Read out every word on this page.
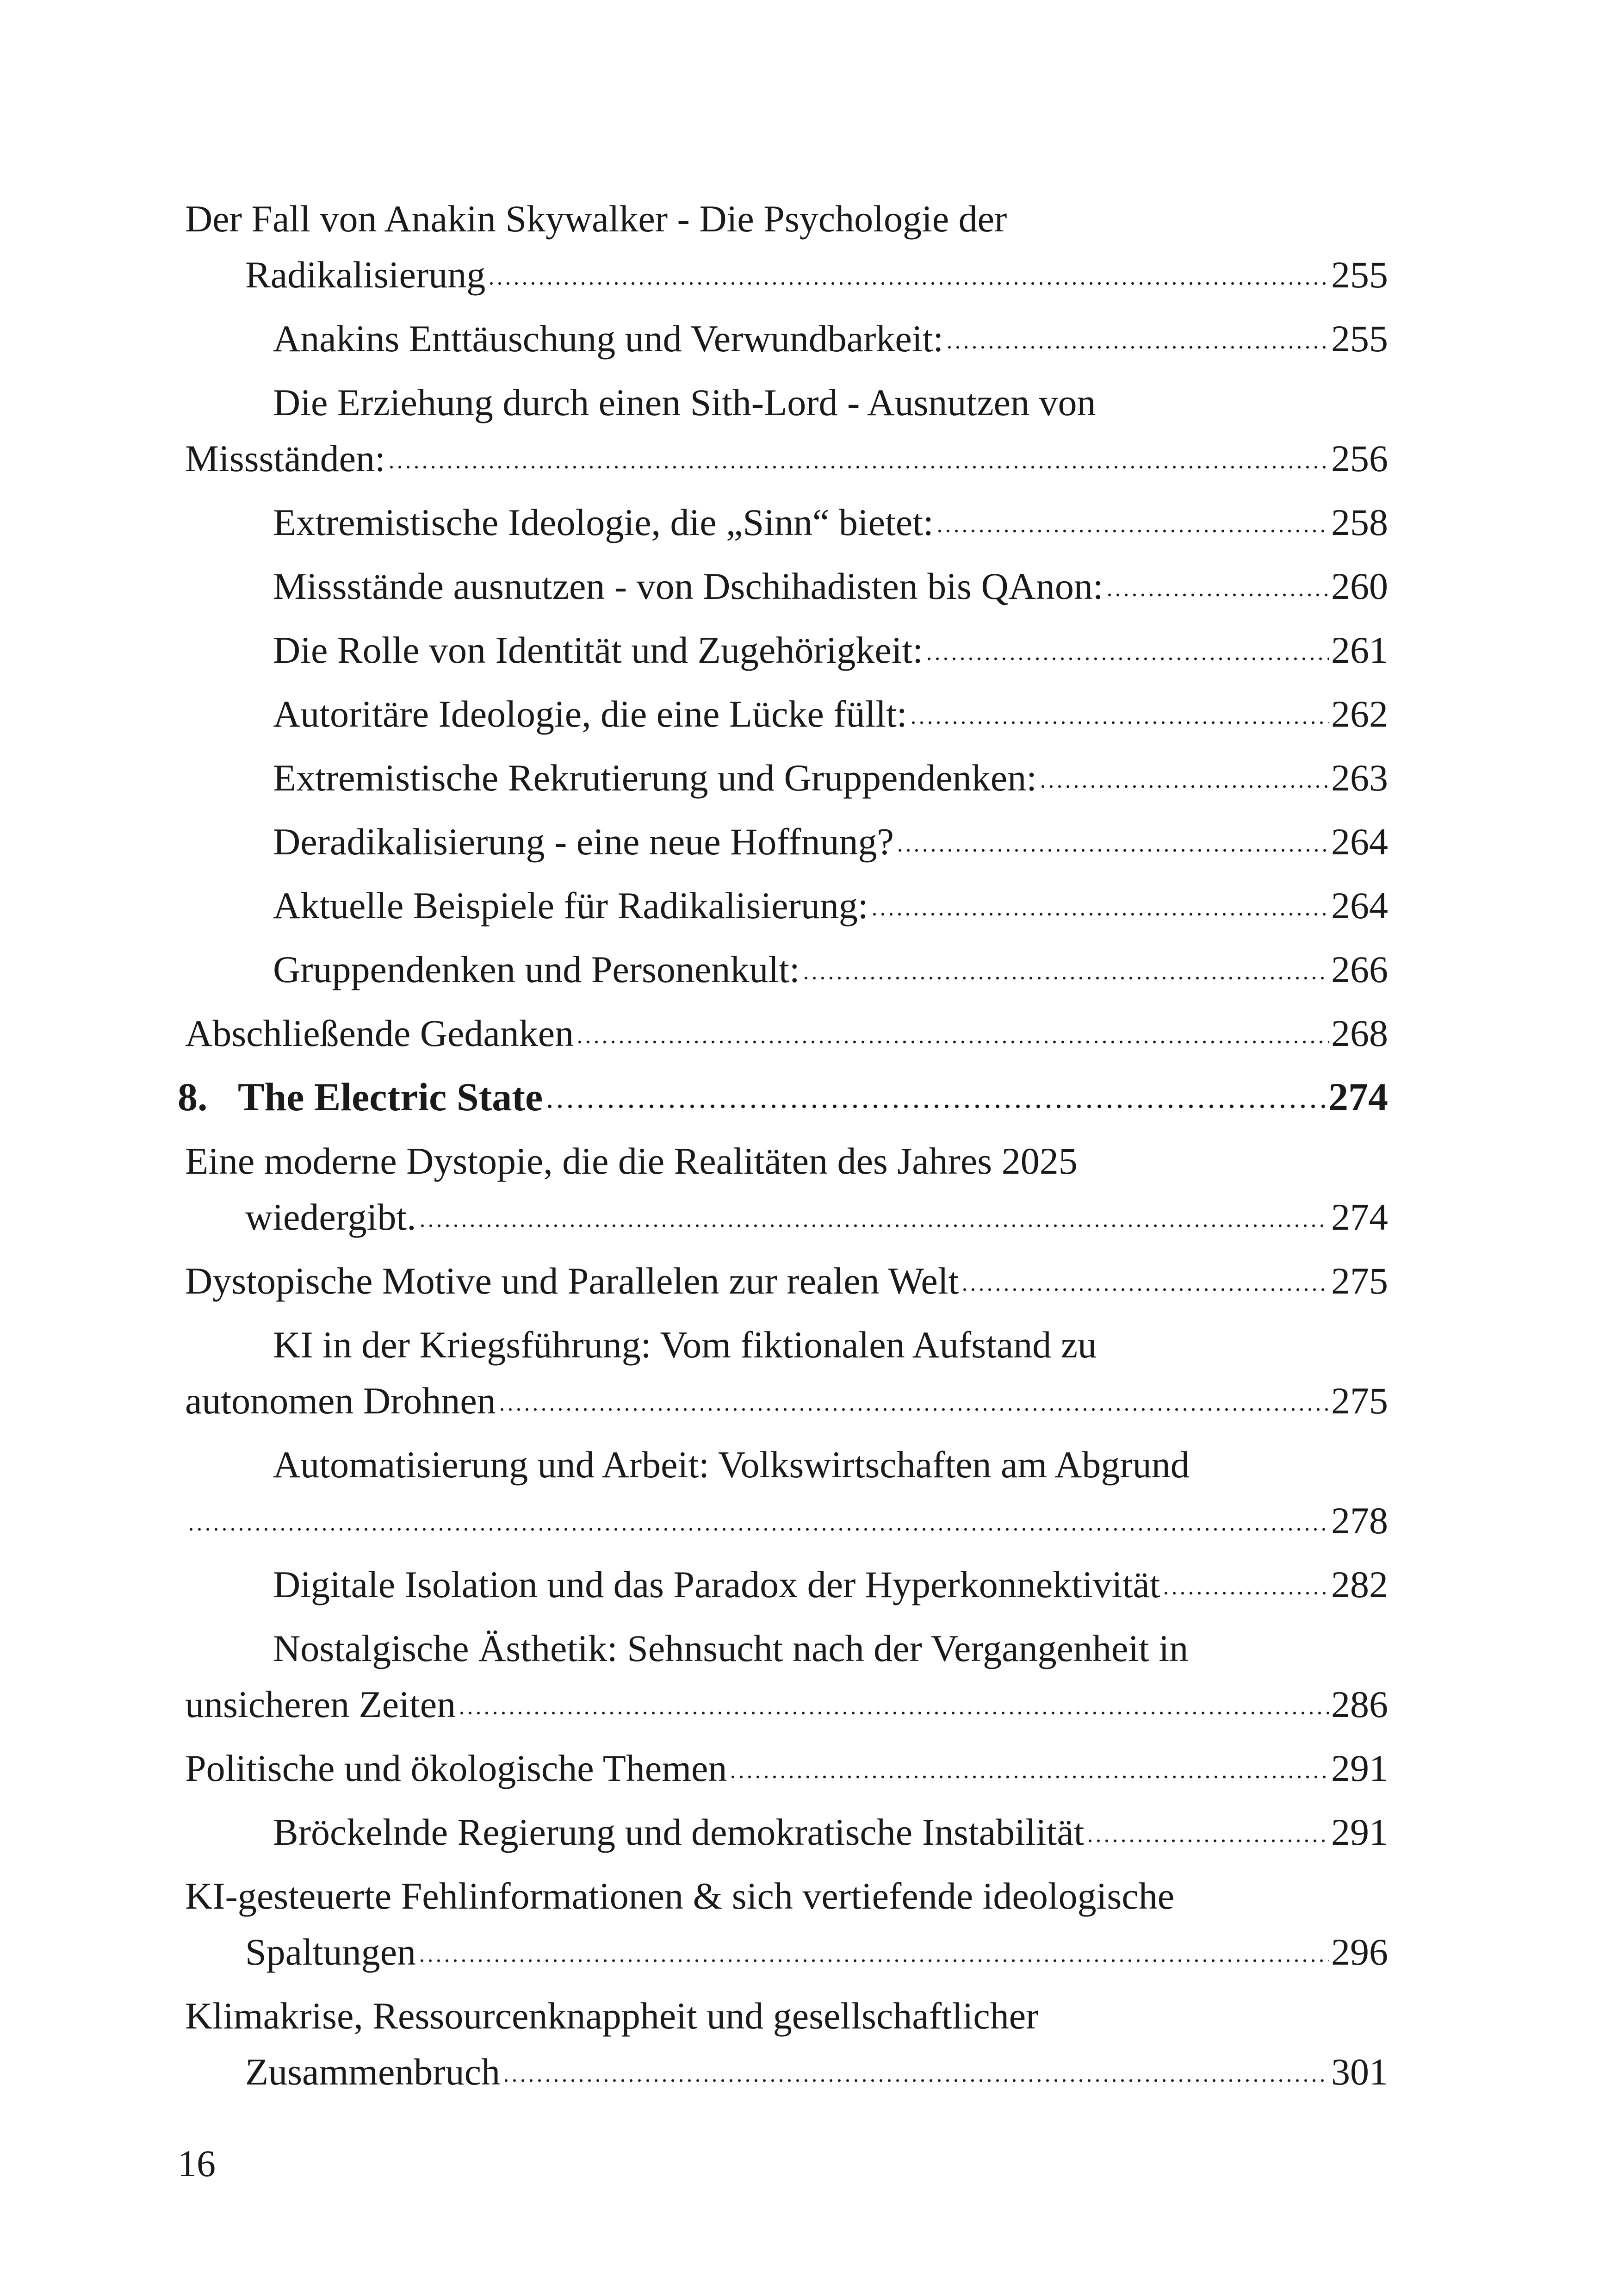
Der Fall von Anakin Skywalker - Die Psychologie der
Radikalisierung	255
Anakins Enttäuschung und Verwundbarkeit:	255
Die Erziehung durch einen Sith-Lord - Ausnutzen von
Missständen:	256
Extremistische Ideologie, die „Sinn“ bietet:	258
Missstände ausnutzen - von Dschihadisten bis QAnon:	260
Die Rolle von Identität und Zugehörigkeit:	261
Autoritäre Ideologie, die eine Lücke füllt:	262
Extremistische Rekrutierung und Gruppendenken:	263
Deradikalisierung - eine neue Hoffnung?	264
Aktuelle Beispiele für Radikalisierung:	264
Gruppendenken und Personenkult:	266
Abschließende Gedanken	268
8. The Electric State	274
Eine moderne Dystopie, die die Realitäten des Jahres 2025
wiedergibt.	274
Dystopische Motive und Parallelen zur realen Welt	275
KI in der Kriegsführung: Vom fiktionalen Aufstand zu
autonomen Drohnen	275
Automatisierung und Arbeit: Volkswirtschaften am Abgrund
278
Digitale Isolation und das Paradox der Hyperkonnektivität	282
Nostalgische Ästhetik: Sehnsucht nach der Vergangenheit in
unsicheren Zeiten	286
Politische und ökologische Themen	291
Bröckelnde Regierung und demokratische Instabilität	291
KI-gesteuerte Fehlinformationen & sich vertiefende ideologische
Spaltungen	296
Klimakrise, Ressourcenknappheit und gesellschaftlicher
Zusammenbruch	301
16
